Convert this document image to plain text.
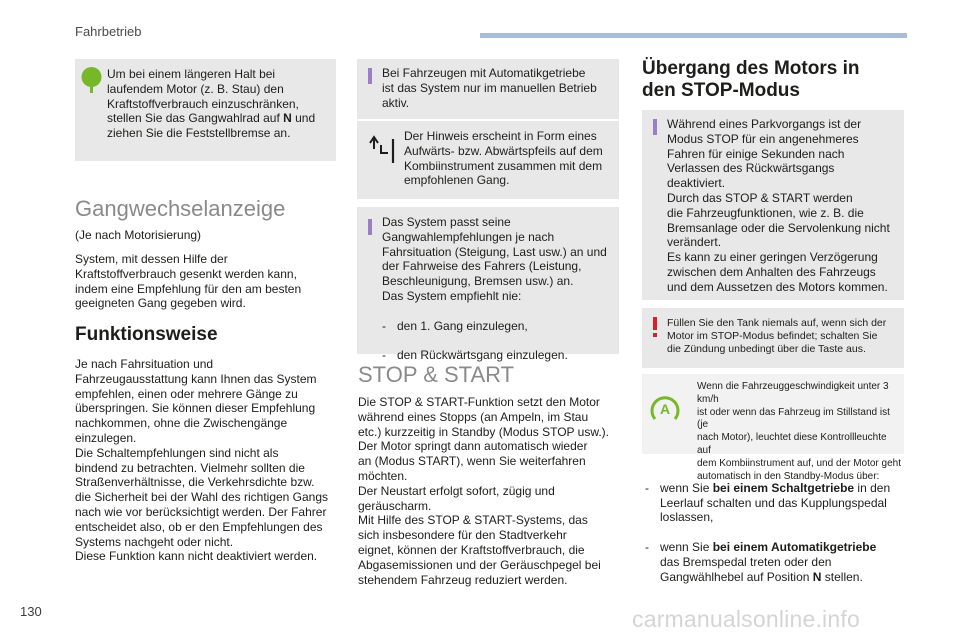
Fahrbetrieb
Um bei einem längeren Halt bei
laufendem Motor (z. B. Stau) den
Kraftstoffverbrauch einzuschränken,
stellen Sie das Gangwahlrad auf N und
ziehen Sie die Feststellbremse an.
Gangwechselanzeige
(Je nach Motorisierung)
System, mit dessen Hilfe der
Kraftstoffverbrauch gesenkt werden kann,
indem eine Empfehlung für den am besten
geeigneten Gang gegeben wird.
Funktionsweise
Je nach Fahrsituation und
Fahrzeugausstattung kann Ihnen das System
empfehlen, einen oder mehrere Gänge zu
überspringen. Sie können dieser Empfehlung
nachkommen, ohne die Zwischengänge
einzulegen.
Die Schaltempfehlungen sind nicht als
bindend zu betrachten. Vielmehr sollten die
Straßenverhältnisse, die Verkehrsdichte bzw.
die Sicherheit bei der Wahl des richtigen Gangs
nach wie vor berücksichtigt werden. Der Fahrer
entscheidet also, ob er den Empfehlungen des
Systems nachgeht oder nicht.
Diese Funktion kann nicht deaktiviert werden.
Bei Fahrzeugen mit Automatikgetriebe
ist das System nur im manuellen Betrieb
aktiv.
Der Hinweis erscheint in Form eines
Aufwärts- bzw. Abwärtspfeils auf dem
Kombiinstrument zusammen mit dem
empfohlenen Gang.
Das System passt seine
Gangwahlempfehlungen je nach
Fahrsituation (Steigung, Last usw.) an und
der Fahrweise des Fahrers (Leistung,
Beschleunigung, Bremsen usw.) an.
Das System empfiehlt nie:

- den 1. Gang einzulegen,

- den Rückwärtsgang einzulegen.

STOP & START
Die STOP & START-Funktion setzt den Motor
während eines Stopps (an Ampeln, im Stau
etc.) kurzzeitig in Standby (Modus STOP usw.).
Der Motor springt dann automatisch wieder
an (Modus START), wenn Sie weiterfahren
möchten.
Der Neustart erfolgt sofort, zügig und
geräuscharm.
Mit Hilfe des STOP & START-Systems, das
sich insbesondere für den Stadtverkehr
eignet, können der Kraftstoffverbrauch, die
Abgasemissionen und der Geräuschpegel bei
stehendem Fahrzeug reduziert werden.
Übergang des Motors in
den STOP-Modus
Während eines Parkvorgangs ist der
Modus STOP für ein angenehmeres
Fahren für einige Sekunden nach
Verlassen des Rückwärtsgangs
deaktiviert.
Durch das STOP & START werden
die Fahrzeugfunktionen, wie z. B. die
Bremsanlage oder die Servolenkung nicht
verändert.
Es kann zu einer geringen Verzögerung
zwischen dem Anhalten des Fahrzeugs
und dem Aussetzen des Motors kommen.
Füllen Sie den Tank niemals auf, wenn sich der
Motor im STOP-Modus befindet; schalten Sie
die Zündung unbedingt über die Taste aus.
A
Wenn die Fahrzeuggeschwindigkeit unter 3 km/h
ist oder wenn das Fahrzeug im Stillstand ist (je
nach Motor), leuchtet diese Kontrollleuchte auf
dem Kombiinstrument auf, und der Motor geht
automatisch in den Standby-Modus über:

- wenn Sie bei einem Schaltgetriebe in den
Leerlauf schalten und das Kupplungspedal
loslassen,

- wenn Sie bei einem Automatikgetriebe
das Bremspedal treten oder den
Gangwählhebel auf Position N stellen.

130	carmanualsonline.info
